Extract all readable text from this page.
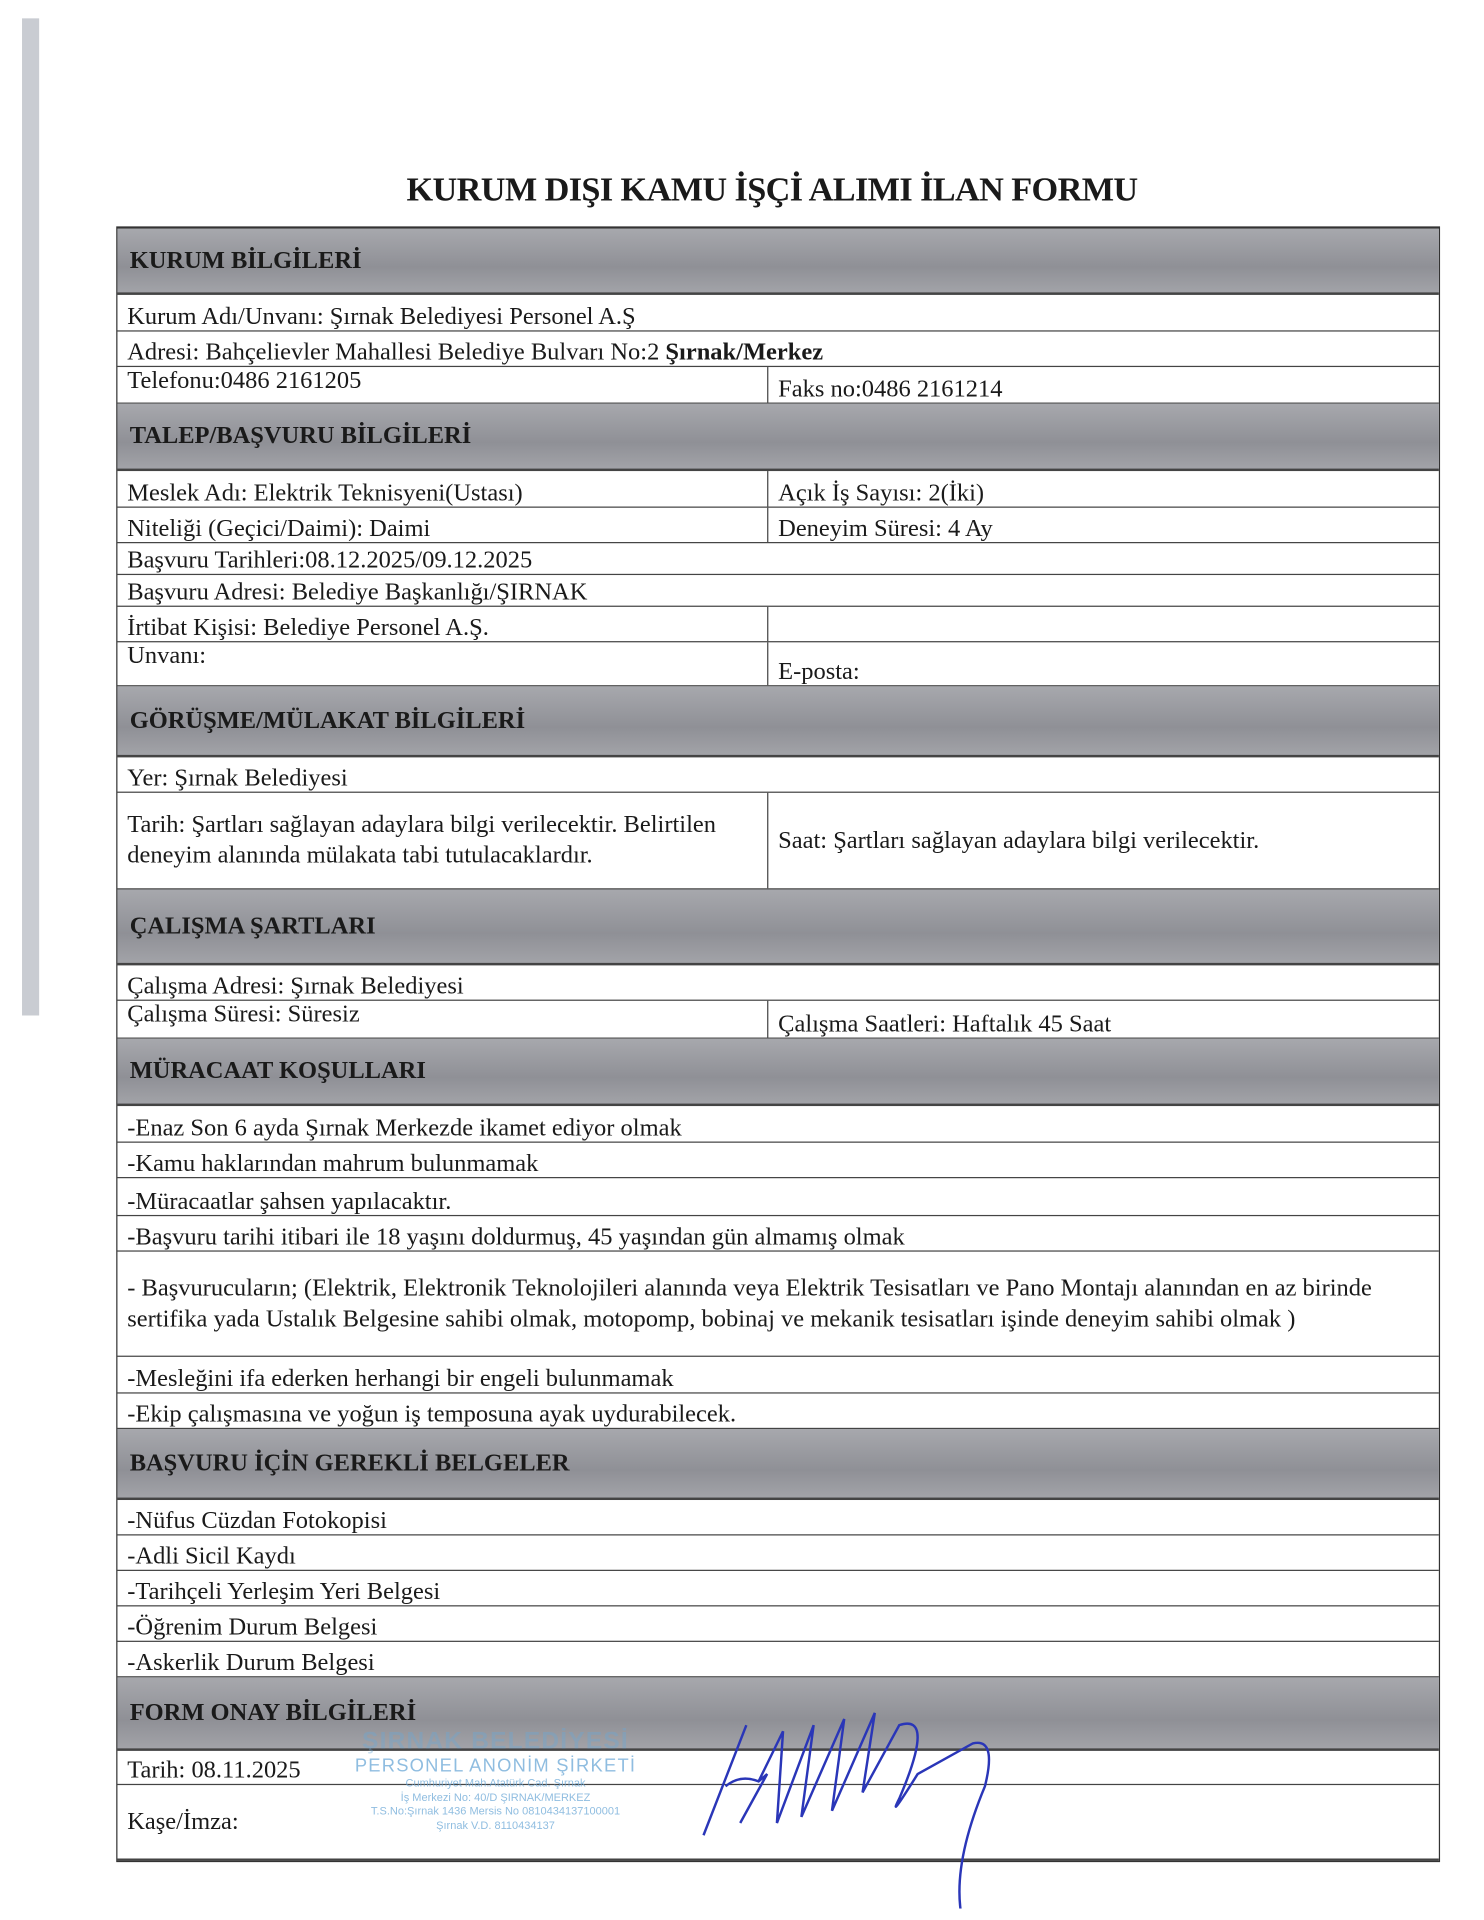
KURUM DIŞI KAMU İŞÇİ ALIMI İLAN FORMU
KURUM BİLGİLERİ
Kurum Adı/Unvanı: Şırnak Belediyesi Personel A.Ş
Adresi: Bahçelievler Mahallesi Belediye Bulvarı No:2
Şırnak/Merkez
Telefonu:0486 2161205	Faks no:0486 2161214
TALEP/BAŞVURU BİLGİLERİ
Meslek Adı: Elektrik Teknisyeni(Ustası)	Açık İş Sayısı: 2(İki)
Niteliği (Geçici/Daimi): Daimi	Deneyim Süresi: 4 Ay
Başvuru Tarihleri:08.12.2025/09.12.2025
Başvuru Adresi: Belediye Başkanlığı/ŞIRNAK
İrtibat Kişisi: Belediye Personel A.Ş.
Unvanı:
E-posta:
GÖRÜŞME/MÜLAKAT BİLGİLERİ
Yer: Şırnak Belediyesi
Tarih: Şartları sağlayan adaylara bilgi verilecektir. Belirtilen deneyim alanında mülakata tabi tutulacaklardır.
Saat: Şartları sağlayan adaylara bilgi verilecektir.
ÇALIŞMA ŞARTLARI
Çalışma Adresi: Şırnak Belediyesi
Çalışma Süresi: Süresiz	Çalışma Saatleri: Haftalık 45 Saat
MÜRACAAT KOŞULLARI
-Enaz Son 6 ayda Şırnak Merkezde ikamet ediyor olmak
-Kamu haklarından mahrum bulunmamak
-Müracaatlar şahsen yapılacaktır.
-Başvuru tarihi itibari ile 18 yaşını doldurmuş, 45 yaşından gün almamış olmak
- Başvurucuların; (Elektrik, Elektronik Teknolojileri alanında veya Elektrik Tesisatları ve Pano Montajı alanından en az birinde sertifika yada Ustalık Belgesine sahibi olmak, motopomp, bobinaj ve mekanik tesisatları işinde deneyim sahibi olmak )
-Mesleğini ifa ederken herhangi bir engeli bulunmamak
-Ekip çalışmasına ve yoğun iş temposuna ayak uydurabilecek.
BAŞVURU İÇİN GEREKLİ BELGELER
-Nüfus Cüzdan Fotokopisi
-Adli Sicil Kaydı
-Tarihçeli Yerleşim Yeri Belgesi
-Öğrenim Durum Belgesi
-Askerlik Durum Belgesi
FORM ONAY BİLGİLERİ
Tarih: 08.11.2025
Kaşe/İmza:
ŞIRNAK BELEDİYESİ
PERSONEL ANONİM ŞİRKETİ
Cumhuriyet Mah.Atatürk Cad. Şırnak
İş Merkezi No: 40/D ŞIRNAK/MERKEZ
T.S.No:Şırnak 1436 Mersis No 0810434137100001
Şırnak V.D. 8110434137
